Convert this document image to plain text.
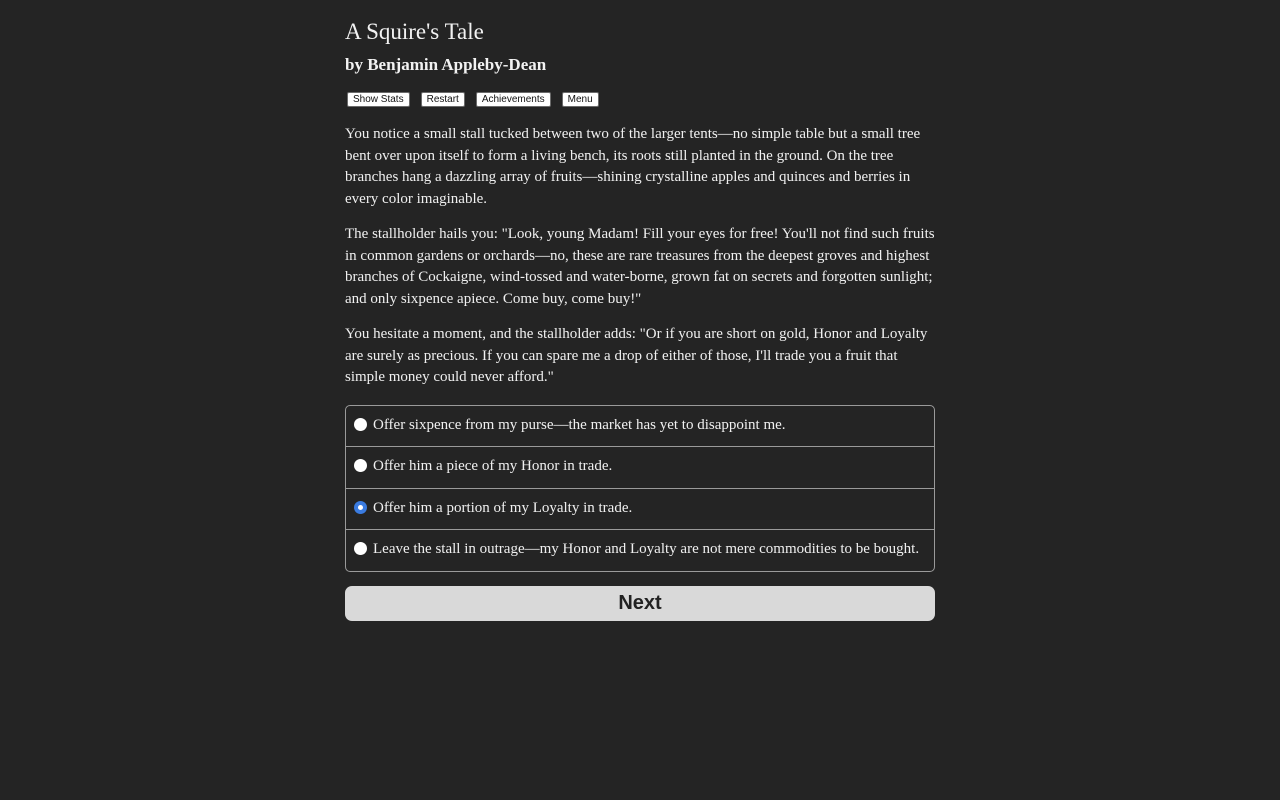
A Squire's Tale
by Benjamin Appleby-Dean
Show Stats	Restart	Achievements	Menu

You notice a small stall tucked between two of the larger tents—no simple table but a small tree bent over upon itself to form a living bench, its roots still planted in the ground. On the tree branches hang a dazzling array of fruits—shining crystalline apples and quinces and berries in every color imaginable.

The stallholder hails you: "Look, young Madam! Fill your eyes for free! You'll not find such fruits in common gardens or orchards—no, these are rare treasures from the deepest groves and highest branches of Cockaigne, wind-tossed and water-borne, grown fat on secrets and forgotten sunlight; and only sixpence apiece. Come buy, come buy!"

You hesitate a moment, and the stallholder adds: "Or if you are short on gold, Honor and Loyalty are surely as precious. If you can spare me a drop of either of those, I'll trade you a fruit that simple money could never afford."

Offer sixpence from my purse—the market has yet to disappoint me.
Offer him a piece of my Honor in trade.
Offer him a portion of my Loyalty in trade.
Leave the stall in outrage—my Honor and Loyalty are not mere commodities to be bought.
Next
